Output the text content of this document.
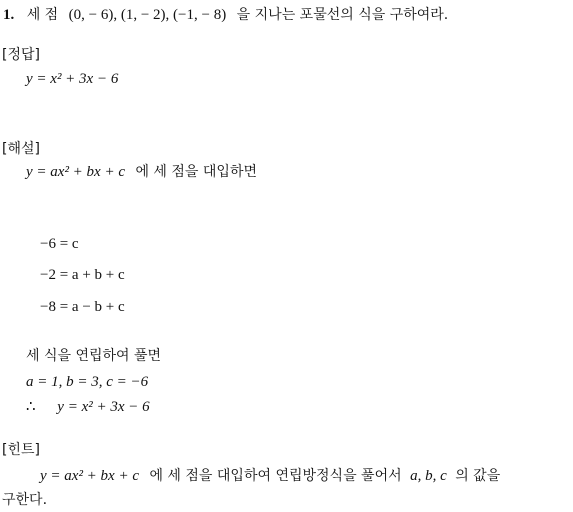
1. 세 점 (0, − 6), (1, − 2), (−1, − 8) 을 지나는 포물선의 식을 구하여라.
[정답]
y = x² + 3x − 6
[해설]
y = ax² + bx + c 에 세 점을 대입하면
−6 = c
−2 = a + b + c
−8 = a − b + c
세 식을 연립하여 풀면
a = 1, b = 3, c = −6
∴ y = x² + 3x − 6
[힌트]
y = ax² + bx + c 에 세 점을 대입하여 연립방정식을 풀어서 a, b, c 의 값을
구한다.
